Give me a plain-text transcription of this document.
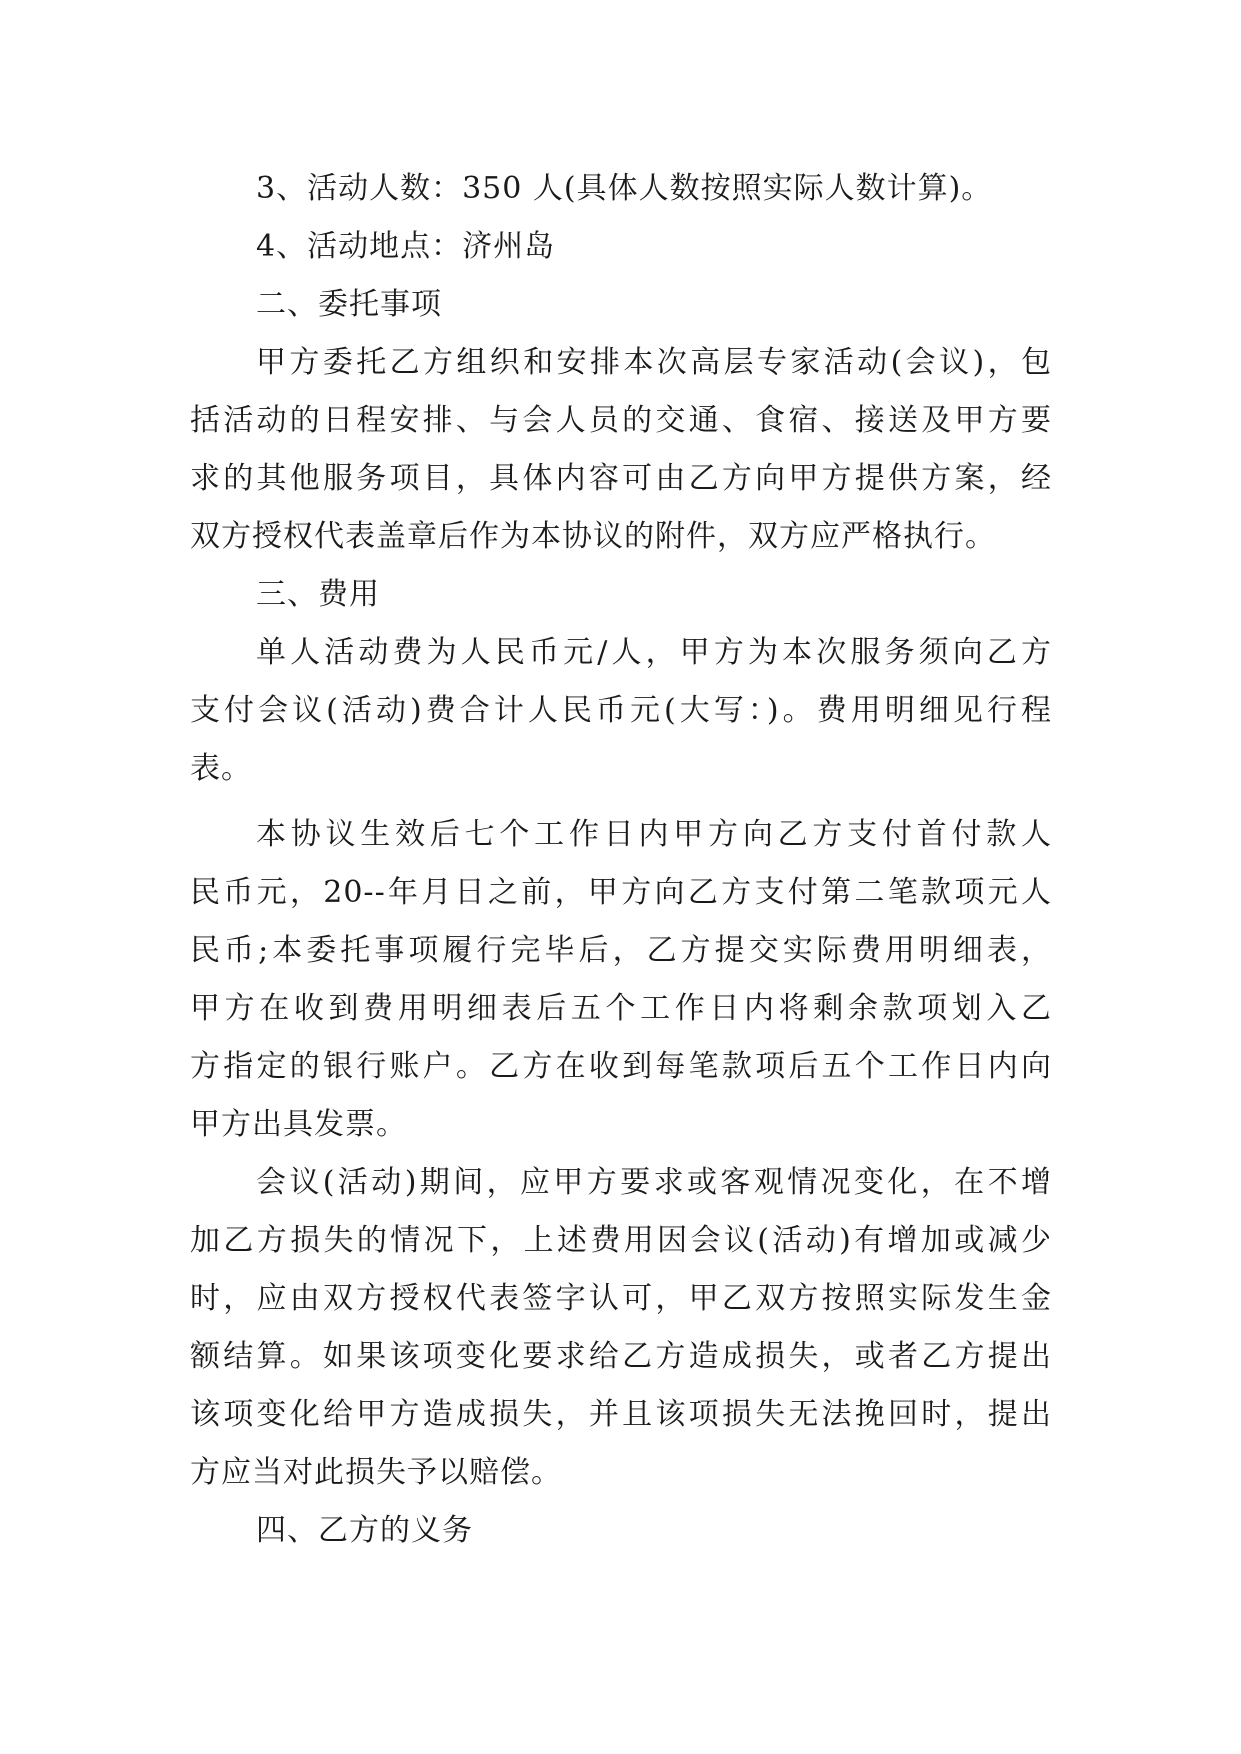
3、活动人数：350 人(具体人数按照实际人数计算)。
4、活动地点：济州岛
二、委托事项
甲方委托乙方组织和安排本次高层专家活动(会议)，包
括活动的日程安排、与会人员的交通、食宿、接送及甲方要
求的其他服务项目，具体内容可由乙方向甲方提供方案，经
双方授权代表盖章后作为本协议的附件，双方应严格执行。
三、费用
单人活动费为人民币元/人，甲方为本次服务须向乙方
支付会议(活动)费合计人民币元(大写：)。费用明细见行程
表。
本协议生效后七个工作日内甲方向乙方支付首付款人
民币元，20--年月日之前，甲方向乙方支付第二笔款项元人
民币;本委托事项履行完毕后，乙方提交实际费用明细表，
甲方在收到费用明细表后五个工作日内将剩余款项划入乙
方指定的银行账户。乙方在收到每笔款项后五个工作日内向
甲方出具发票。
会议(活动)期间，应甲方要求或客观情况变化，在不增
加乙方损失的情况下，上述费用因会议(活动)有增加或减少
时，应由双方授权代表签字认可，甲乙双方按照实际发生金
额结算。如果该项变化要求给乙方造成损失，或者乙方提出
该项变化给甲方造成损失，并且该项损失无法挽回时，提出
方应当对此损失予以赔偿。
四、乙方的义务
